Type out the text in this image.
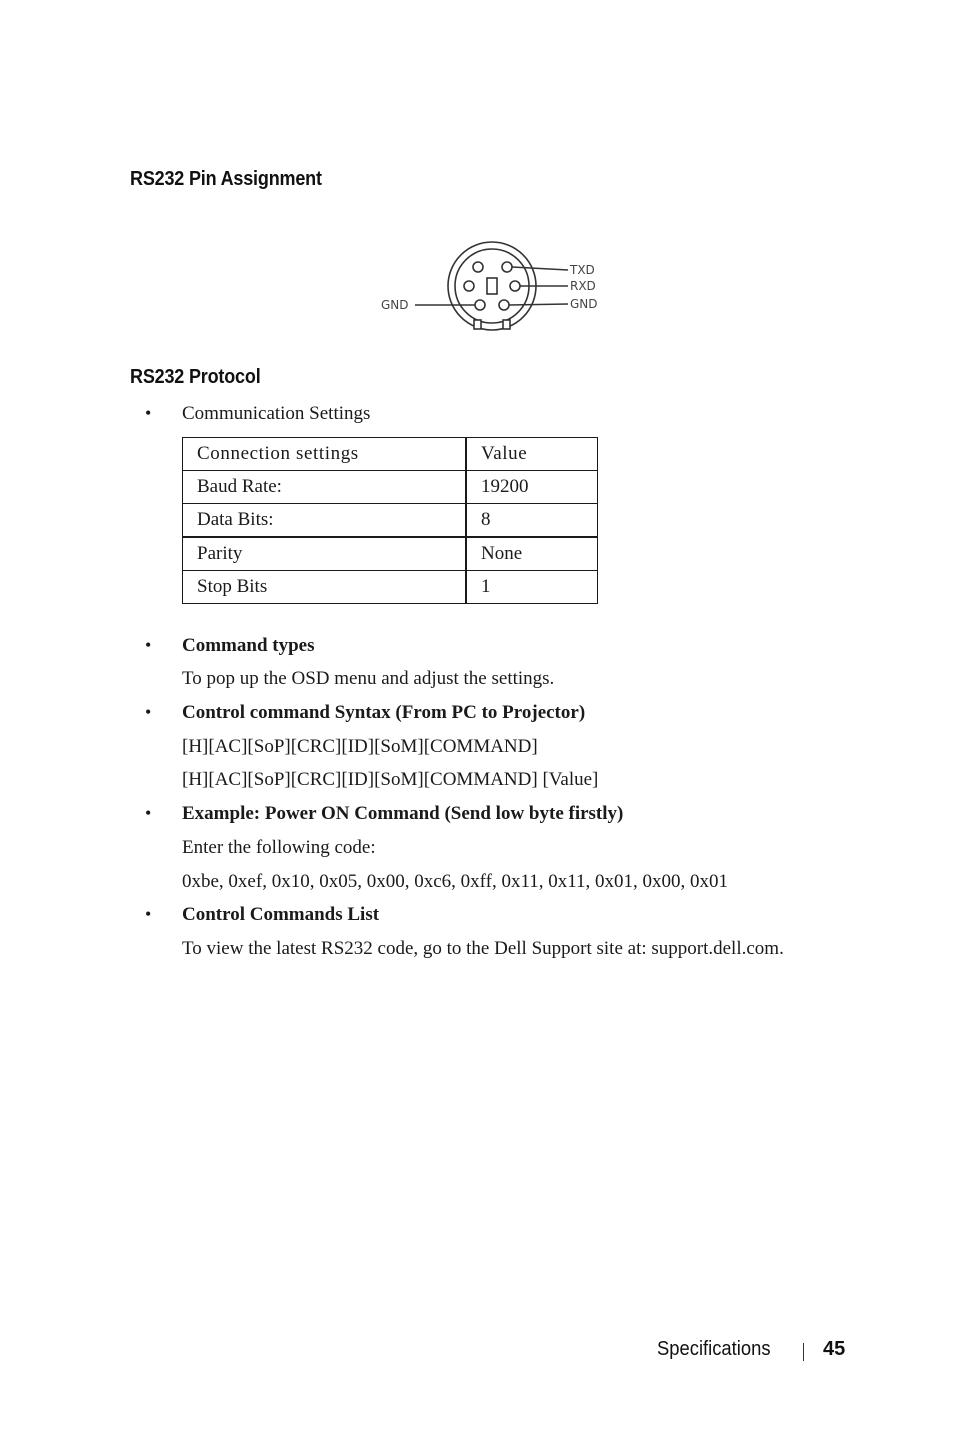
RS232 Pin Assignment
GND
TXD
RXD
GND
RS232 Protocol
• Communication Settings
Connection settings	Value
Baud Rate:	19200
Data Bits:	8
Parity	None
Stop Bits	1
• Command types
To pop up the OSD menu and adjust the settings.
• Control command Syntax (From PC to Projector)
[H][AC][SoP][CRC][ID][SoM][COMMAND]
[H][AC][SoP][CRC][ID][SoM][COMMAND] [Value]
• Example: Power ON Command (Send low byte firstly)
Enter the following code:
0xbe, 0xef, 0x10, 0x05, 0x00, 0xc6, 0xff, 0x11, 0x11, 0x01, 0x00, 0x01
• Control Commands List
To view the latest RS232 code, go to the Dell Support site at: support.dell.com.
Specifications	45
